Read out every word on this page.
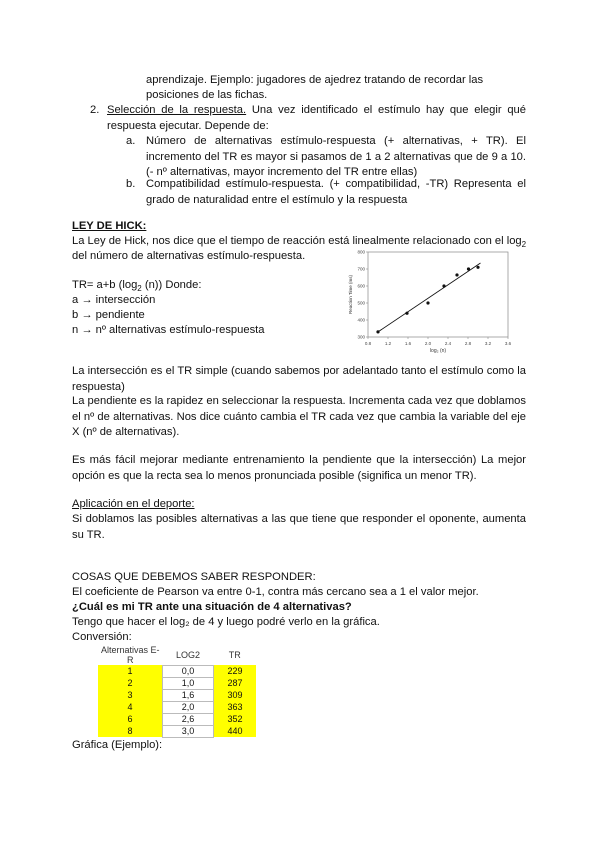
aprendizaje. Ejemplo: jugadores de ajedrez tratando de recordar las
posiciones de las fichas.
2. Selección de la respuesta. Una vez identificado el estímulo hay que elegir qué respuesta ejecutar. Depende de:
a. Número de alternativas estímulo-respuesta (+ alternativas, + TR). El incremento del TR es mayor si pasamos de 1 a 2 alternativas que de 9 a 10. (- nº alternativas, mayor incremento del TR entre ellas)
b. Compatibilidad estímulo-respuesta. (+ compatibilidad, -TR) Representa el grado de naturalidad entre el estímulo y la respuesta
LEY DE HICK:
La Ley de Hick, nos dice que el tiempo de reacción está linealmente relacionado con el $\log_2$
del número de alternativas estímulo-respuesta.
TR= a+b ($\log_2$ (n)) Donde:
a → intersección
b → pendiente
n → nº alternativas estímulo-respuesta
0.8	1.2	1.6	2.0	2.4	2.8	3.2	3.6
300
400
500
600
700
800
log₂ (n)
Reaction Time (ms)
La intersección es el TR simple (cuando sabemos por adelantado tanto el estímulo como la respuesta)
La pendiente es la rapidez en seleccionar la respuesta. Incrementa cada vez que doblamos el nº de alternativas. Nos dice cuánto cambia el TR cada vez que cambia la variable del eje X (nº de alternativas).
Es más fácil mejorar mediante entrenamiento la pendiente que la intersección) La mejor opción es que la recta sea lo menos pronunciada posible (significa un menor TR).
Aplicación en el deporte:
Si doblamos las posibles alternativas a las que tiene que responder el oponente, aumenta su TR.
COSAS QUE DEBEMOS SABER RESPONDER:
El coeficiente de Pearson va entre 0-1, contra más cercano sea a 1 el valor mejor.
¿Cuál es mi TR ante una situación de 4 alternativas?
Tengo que hacer el log₂ de 4 y luego podré verlo en la gráfica.
Conversión:
Alternativas E-R	LOG2	TR
1	0,0	229
2	1,0	287
3	1,6	309
4	2,0	363
6	2,6	352
8	3,0	440
Gráfica (Ejemplo):
